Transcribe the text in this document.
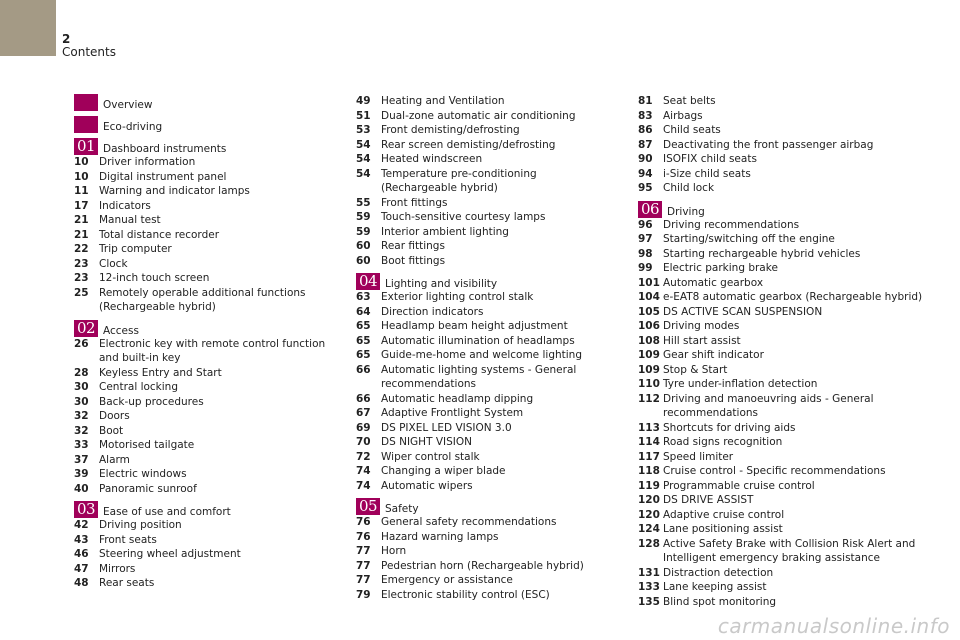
2
Contents
Overview
Eco-driving
01 Dashboard instruments
10 Driver information
10 Digital instrument panel
11 Warning and indicator lamps
17 Indicators
21 Manual test
21 Total distance recorder
22 Trip computer
23 Clock
23 12-inch touch screen
25 Remotely operable additional functions (Rechargeable hybrid)
02 Access
26 Electronic key with remote control function and built-in key
28 Keyless Entry and Start
30 Central locking
30 Back-up procedures
32 Doors
32 Boot
33 Motorised tailgate
37 Alarm
39 Electric windows
40 Panoramic sunroof
03 Ease of use and comfort
42 Driving position
43 Front seats
46 Steering wheel adjustment
47 Mirrors
48 Rear seats
49 Heating and Ventilation
51 Dual-zone automatic air conditioning
53 Front demisting/defrosting
54 Rear screen demisting/defrosting
54 Heated windscreen
54 Temperature pre-conditioning (Rechargeable hybrid)
55 Front fittings
59 Touch-sensitive courtesy lamps
59 Interior ambient lighting
60 Rear fittings
60 Boot fittings
04 Lighting and visibility
63 Exterior lighting control stalk
64 Direction indicators
65 Headlamp beam height adjustment
65 Automatic illumination of headlamps
65 Guide-me-home and welcome lighting
66 Automatic lighting systems - General recommendations
66 Automatic headlamp dipping
67 Adaptive Frontlight System
69 DS PIXEL LED VISION 3.0
70 DS NIGHT VISION
72 Wiper control stalk
74 Changing a wiper blade
74 Automatic wipers
05 Safety
76 General safety recommendations
76 Hazard warning lamps
77 Horn
77 Pedestrian horn (Rechargeable hybrid)
77 Emergency or assistance
79 Electronic stability control (ESC)
81 Seat belts
83 Airbags
86 Child seats
87 Deactivating the front passenger airbag
90 ISOFIX child seats
94 i-Size child seats
95 Child lock
06 Driving
96 Driving recommendations
97 Starting/switching off the engine
98 Starting rechargeable hybrid vehicles
99 Electric parking brake
101 Automatic gearbox
104 e-EAT8 automatic gearbox (Rechargeable hybrid)
105 DS ACTIVE SCAN SUSPENSION
106 Driving modes
108 Hill start assist
109 Gear shift indicator
109 Stop & Start
110 Tyre under-inflation detection
112 Driving and manoeuvring aids - General recommendations
113 Shortcuts for driving aids
114 Road signs recognition
117 Speed limiter
118 Cruise control - Specific recommendations
119 Programmable cruise control
120 DS DRIVE ASSIST
120 Adaptive cruise control
124 Lane positioning assist
128 Active Safety Brake with Collision Risk Alert and Intelligent emergency braking assistance
131 Distraction detection
133 Lane keeping assist
135 Blind spot monitoring
carmanualsonline.info
